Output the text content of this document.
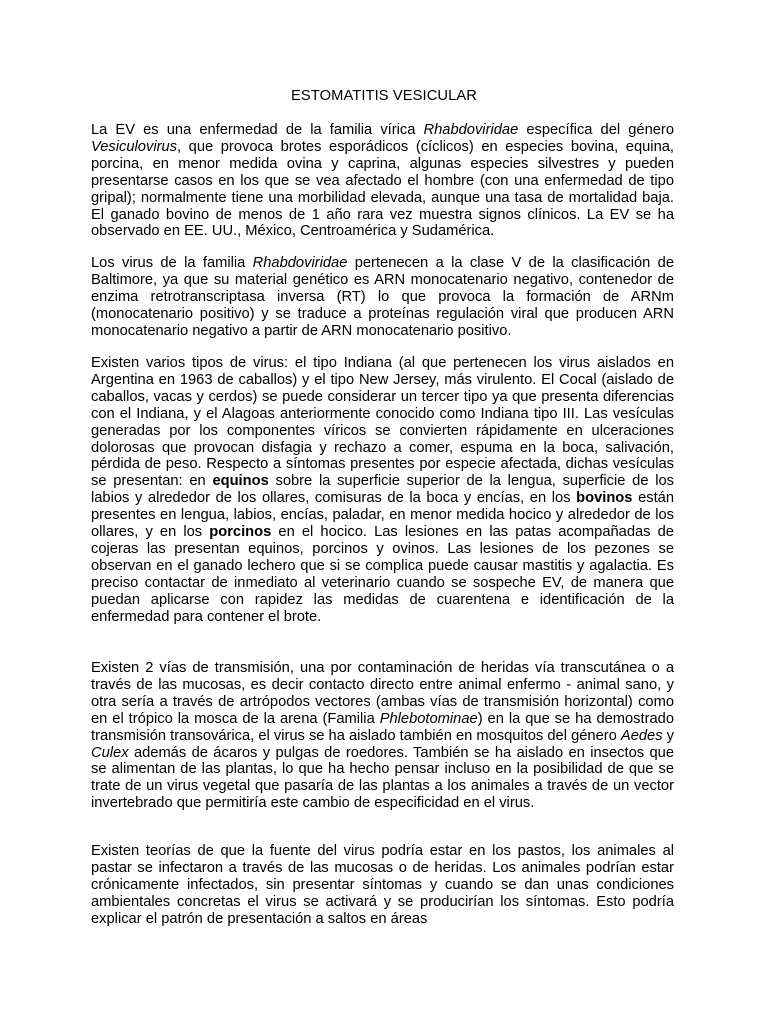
ESTOMATITIS VESICULAR

La EV es una enfermedad de la familia vírica Rhabdoviridae específica del género Vesiculovirus, que provoca brotes esporádicos (cíclicos) en especies bovina, equina, porcina, en menor medida ovina y caprina, algunas especies silvestres y pueden presentarse casos en los que se vea afectado el hombre (con una enfermedad de tipo gripal); normalmente tiene una morbilidad elevada, aunque una tasa de mortalidad baja. El ganado bovino de menos de 1 año rara vez muestra signos clínicos. La EV se ha observado en EE. UU., México, Centroamérica y Sudamérica.

Los virus de la familia Rhabdoviridae pertenecen a la clase V de la clasificación de Baltimore, ya que su material genético es ARN monocatenario negativo, contenedor de enzima retrotranscriptasa inversa (RT) lo que provoca la formación de ARNm (monocatenario positivo) y se traduce a proteínas regulación viral que producen ARN monocatenario negativo a partir de ARN monocatenario positivo.

Existen varios tipos de virus: el tipo Indiana (al que pertenecen los virus aislados en Argentina en 1963 de caballos) y el tipo New Jersey, más virulento. El Cocal (aislado de caballos, vacas y cerdos) se puede considerar un tercer tipo ya que presenta diferencias con el Indiana, y el Alagoas anteriormente conocido como Indiana tipo III. Las vesículas generadas por los componentes víricos se convierten rápidamente en ulceraciones dolorosas que provocan disfagia y rechazo a comer, espuma en la boca, salivación, pérdida de peso. Respecto a síntomas presentes por especie afectada, dichas vesículas se presentan: en equinos sobre la superficie superior de la lengua, superficie de los labios y alrededor de los ollares, comisuras de la boca y encías, en los bovinos están presentes en lengua, labios, encías, paladar, en menor medida hocico y alrededor de los ollares, y en los porcinos en el hocico. Las lesiones en las patas acompañadas de cojeras las presentan equinos, porcinos y ovinos. Las lesiones de los pezones se observan en el ganado lechero que si se complica puede causar mastitis y agalactia. Es preciso contactar de inmediato al veterinario cuando se sospeche EV, de manera que puedan aplicarse con rapidez las medidas de cuarentena e identificación de la enfermedad para contener el brote.

Existen 2 vías de transmisión, una por contaminación de heridas vía transcutánea o a través de las mucosas, es decir contacto directo entre animal enfermo - animal sano, y otra sería a través de artrópodos vectores (ambas vías de transmisión horizontal) como en el trópico la mosca de la arena (Familia Phlebotominae) en la que se ha demostrado transmisión transovárica, el virus se ha aislado también en mosquitos del género Aedes y Culex además de ácaros y pulgas de roedores. También se ha aislado en insectos que se alimentan de las plantas, lo que ha hecho pensar incluso en la posibilidad de que se trate de un virus vegetal que pasaría de las plantas a los animales a través de un vector invertebrado que permitiría este cambio de especificidad en el virus.

Existen teorías de que la fuente del virus podría estar en los pastos, los animales al pastar se infectaron a través de las mucosas o de heridas. Los animales podrían estar crónicamente infectados, sin presentar síntomas y cuando se dan unas condiciones ambientales concretas el virus se activará y se producirían los síntomas. Esto podría explicar el patrón de presentación a saltos en áreas
